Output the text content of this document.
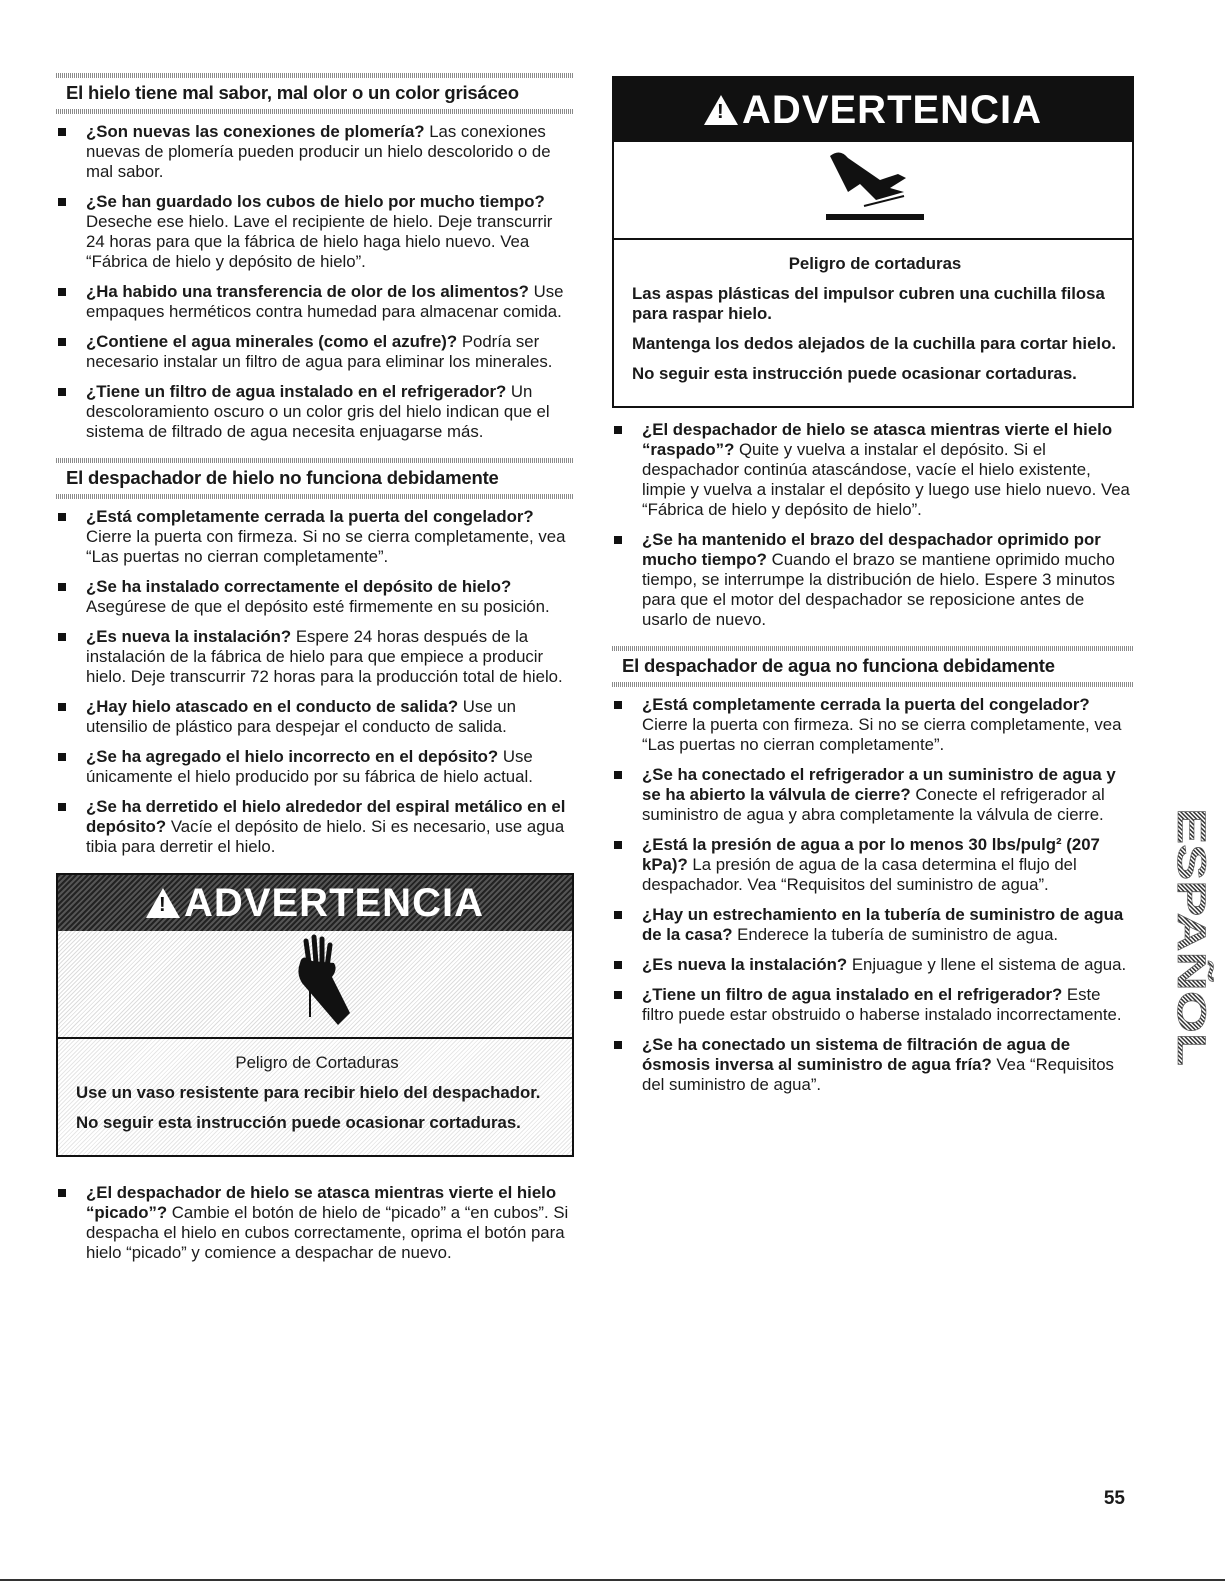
El hielo tiene mal sabor, mal olor o un color grisáceo
¿Son nuevas las conexiones de plomería? Las conexiones nuevas de plomería pueden producir un hielo descolorido o de mal sabor.
¿Se han guardado los cubos de hielo por mucho tiempo? Deseche ese hielo. Lave el recipiente de hielo. Deje transcurrir 24 horas para que la fábrica de hielo haga hielo nuevo. Vea “Fábrica de hielo y depósito de hielo”.
¿Ha habido una transferencia de olor de los alimentos? Use empaques herméticos contra humedad para almacenar comida.
¿Contiene el agua minerales (como el azufre)? Podría ser necesario instalar un filtro de agua para eliminar los minerales.
¿Tiene un filtro de agua instalado en el refrigerador? Un descoloramiento oscuro o un color gris del hielo indican que el sistema de filtrado de agua necesita enjuagarse más.
El despachador de hielo no funciona debidamente
¿Está completamente cerrada la puerta del congelador? Cierre la puerta con firmeza. Si no se cierra completamente, vea “Las puertas no cierran completamente”.
¿Se ha instalado correctamente el depósito de hielo? Asegúrese de que el depósito esté firmemente en su posición.
¿Es nueva la instalación? Espere 24 horas después de la instalación de la fábrica de hielo para que empiece a producir hielo. Deje transcurrir 72 horas para la producción total de hielo.
¿Hay hielo atascado en el conducto de salida? Use un utensilio de plástico para despejar el conducto de salida.
¿Se ha agregado el hielo incorrecto en el depósito? Use únicamente el hielo producido por su fábrica de hielo actual.
¿Se ha derretido el hielo alrededor del espiral metálico en el depósito? Vacíe el depósito de hielo. Si es necesario, use agua tibia para derretir el hielo.
!ADVERTENCIA
Peligro de Cortaduras

Use un vaso resistente para recibir hielo del despachador.

No seguir esta instrucción puede ocasionar cortaduras.

¿El despachador de hielo se atasca mientras vierte el hielo “picado”? Cambie el botón de hielo de “picado” a “en cubos”. Si despacha el hielo en cubos correctamente, oprima el botón para hielo “picado” y comience a despachar de nuevo.
!ADVERTENCIA
Peligro de cortaduras

Las aspas plásticas del impulsor cubren una cuchilla filosa para raspar hielo.

Mantenga los dedos alejados de la cuchilla para cortar hielo.

No seguir esta instrucción puede ocasionar cortaduras.

¿El despachador de hielo se atasca mientras vierte el hielo “raspado”? Quite y vuelva a instalar el depósito. Si el despachador continúa atascándose, vacíe el hielo existente, limpie y vuelva a instalar el depósito y luego use hielo nuevo. Vea “Fábrica de hielo y depósito de hielo”.
¿Se ha mantenido el brazo del despachador oprimido por mucho tiempo? Cuando el brazo se mantiene oprimido mucho tiempo, se interrumpe la distribución de hielo. Espere 3 minutos para que el motor del despachador se reposicione antes de usarlo de nuevo.
El despachador de agua no funciona debidamente
¿Está completamente cerrada la puerta del congelador? Cierre la puerta con firmeza. Si no se cierra completamente, vea “Las puertas no cierran completamente”.
¿Se ha conectado el refrigerador a un suministro de agua y se ha abierto la válvula de cierre? Conecte el refrigerador al suministro de agua y abra completamente la válvula de cierre.
¿Está la presión de agua a por lo menos 30 lbs/pulg² (207 kPa)? La presión de agua de la casa determina el flujo del despachador. Vea “Requisitos del suministro de agua”.
¿Hay un estrechamiento en la tubería de suministro de agua de la casa? Enderece la tubería de suministro de agua.
¿Es nueva la instalación? Enjuague y llene el sistema de agua.
¿Tiene un filtro de agua instalado en el refrigerador? Este filtro puede estar obstruido o haberse instalado incorrectamente.
¿Se ha conectado un sistema de filtración de agua de ósmosis inversa al suministro de agua fría? Vea “Requisitos del suministro de agua”.
ESPAÑOL
55
